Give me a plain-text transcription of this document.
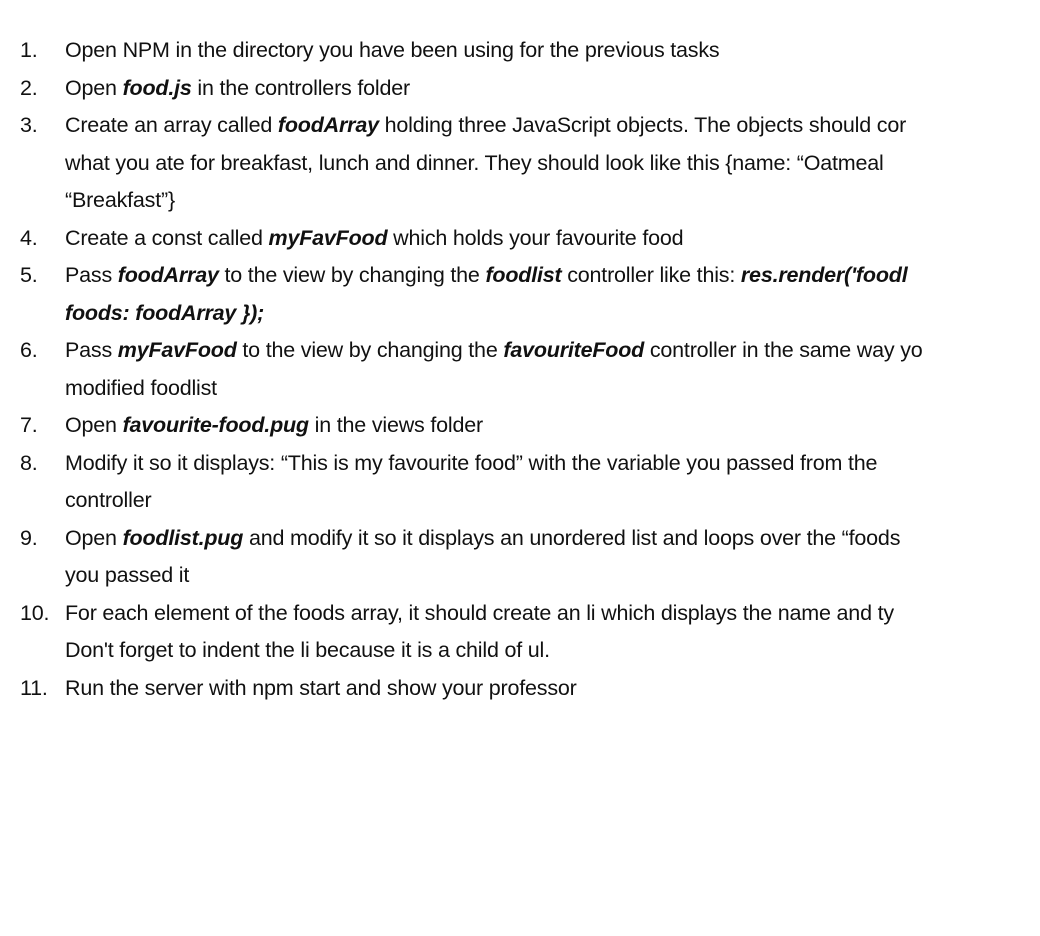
1.	Open NPM in the directory you have been using for the previous tasks
2.	Open food.js in the controllers folder
3.	Create an array called foodArray holding three JavaScript objects. The objects should cor
what you ate for breakfast, lunch and dinner. They should look like this {name: “Oatmeal
“Breakfast”}
4.	Create a const called myFavFood which holds your favourite food
5.	Pass foodArray to the view by changing the foodlist controller like this: res.render('foodl
foods: foodArray });
6.	Pass myFavFood to the view by changing the favouriteFood controller in the same way yo
modified foodlist
7.	Open favourite-food.pug in the views folder
8.	Modify it so it displays: “This is my favourite food” with the variable you passed from the
controller
9.	Open foodlist.pug and modify it so it displays an unordered list and loops over the “foods
you passed it
10. For each element of the foods array, it should create an li which displays the name and ty
Don't forget to indent the li because it is a child of ul.
11. Run the server with npm start and show your professor
